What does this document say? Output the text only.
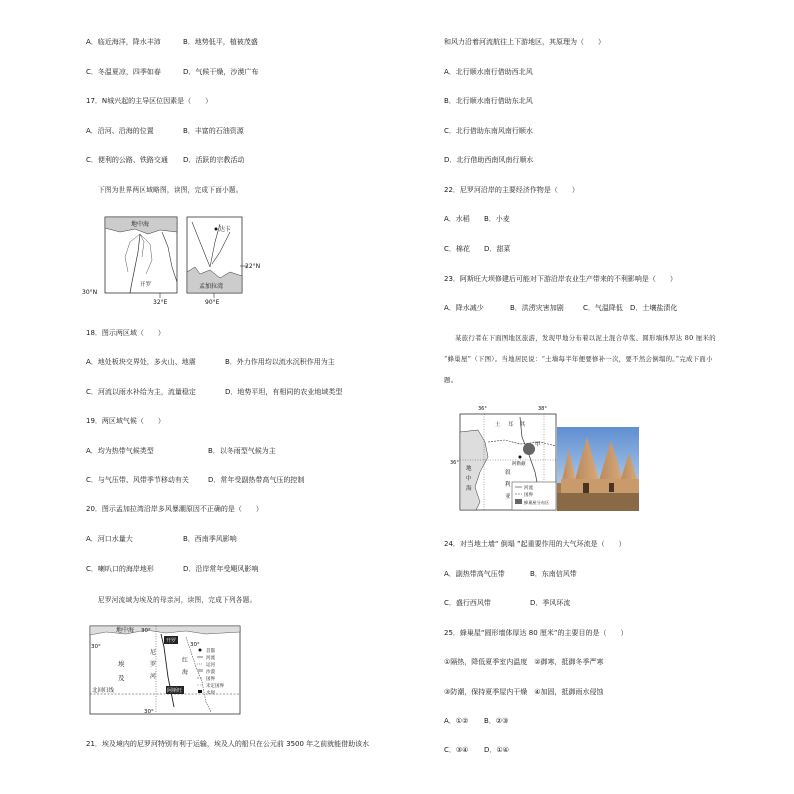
A．临近海洋，降水丰沛	B．地势低平，植被茂盛
C．冬温夏凉，四季如春	D．气候干燥，沙漠广布
17．N城兴起的主导区位因素是（　　）
A．沿河、沿海的位置	B．丰富的石油资源
C．便利的公路、铁路交通 D．活跃的宗教活动
下图为世界两区域略图，读图，完成下面小题。
地中海
开罗
30°N
32°E
达卡
孟加拉湾
22°N
90°E
18．图示两区域（　　）
A．地处板块交界处，多火山、地震	B．外力作用均以流水沉积作用为主
C．河流以雨水补给为主，流量稳定	D．地势平坦，有相同的农业地域类型
19．两区域气候（　　）
A．均为热带气候类型	B．以冬雨型气候为主
C．与气压带、风带季节移动有关	D．常年受副热带高气压的控制
20．图示孟加拉湾沿岸多风暴潮原因不正确的是（　　）
A．河口水量大	B．西南季风影响
C．喇叭口的海岸地形	D．沿岸常年受飓风影响
尼罗河流域为埃及的母亲河，读图，完成下列各题。
地中海 30°
开罗
30°	30°
埃
及
尼
罗
河
红
海
阿斯旺
北回归线
30°
首都
河流
运河
沙漠
国界
未定国界
水坝
21．埃及境内的尼罗河特别有利于运输，埃及人的船只在公元前 3500 年之前就能借助该水
和风力沿着河流航往上下游地区，其原理为（　　）
A．北行顺水南行借助西北风
B．北行顺水南行借助东北风
C．北行借助东南风南行顺水
D．北行借助西南风南行顺水
22．尼罗河沿岸的主要经济作物是（　　）
A．水稻 B．小麦
C．棉花 D．甜菜
23．阿斯旺大坝修建后可能对下游沿岸农业生产带来的不利影响是（　　）
A．降水减少	B．洪涝灾害加剧	C．气温降低 D．土壤盐渍化
某旅行者在下面图地区旅游，发现甲地分布着以泥土混合草浆、圆形墙体厚达 80 厘米的
“蜂巢屋”（下图）。当地居民说：“土墙每半年便要修补一次，要不然会倒塌的。”完成下面小
题。
36°	38°
36°
地
中
海
土 耳 其
叙
利
亚
甲
阿勒颇
河流
国界
蜂巢屋分布区
24．对当地土墙“ 倒塌 ”起重要作用的大气环流是（　　）
A．副热带高气压带	B．东南信风带
C．盛行西风带	D．季风环流
25．蜂巢屋“圆形墙体厚达 80 厘米”的主要目的是（　　）
①隔热，降低夏季室内温度　②御寒，抵御冬季严寒
③防潮，保持夏季屋内干燥　④加固，抵御雨水侵蚀
A．①② B．②③
C．③④ D．①④
